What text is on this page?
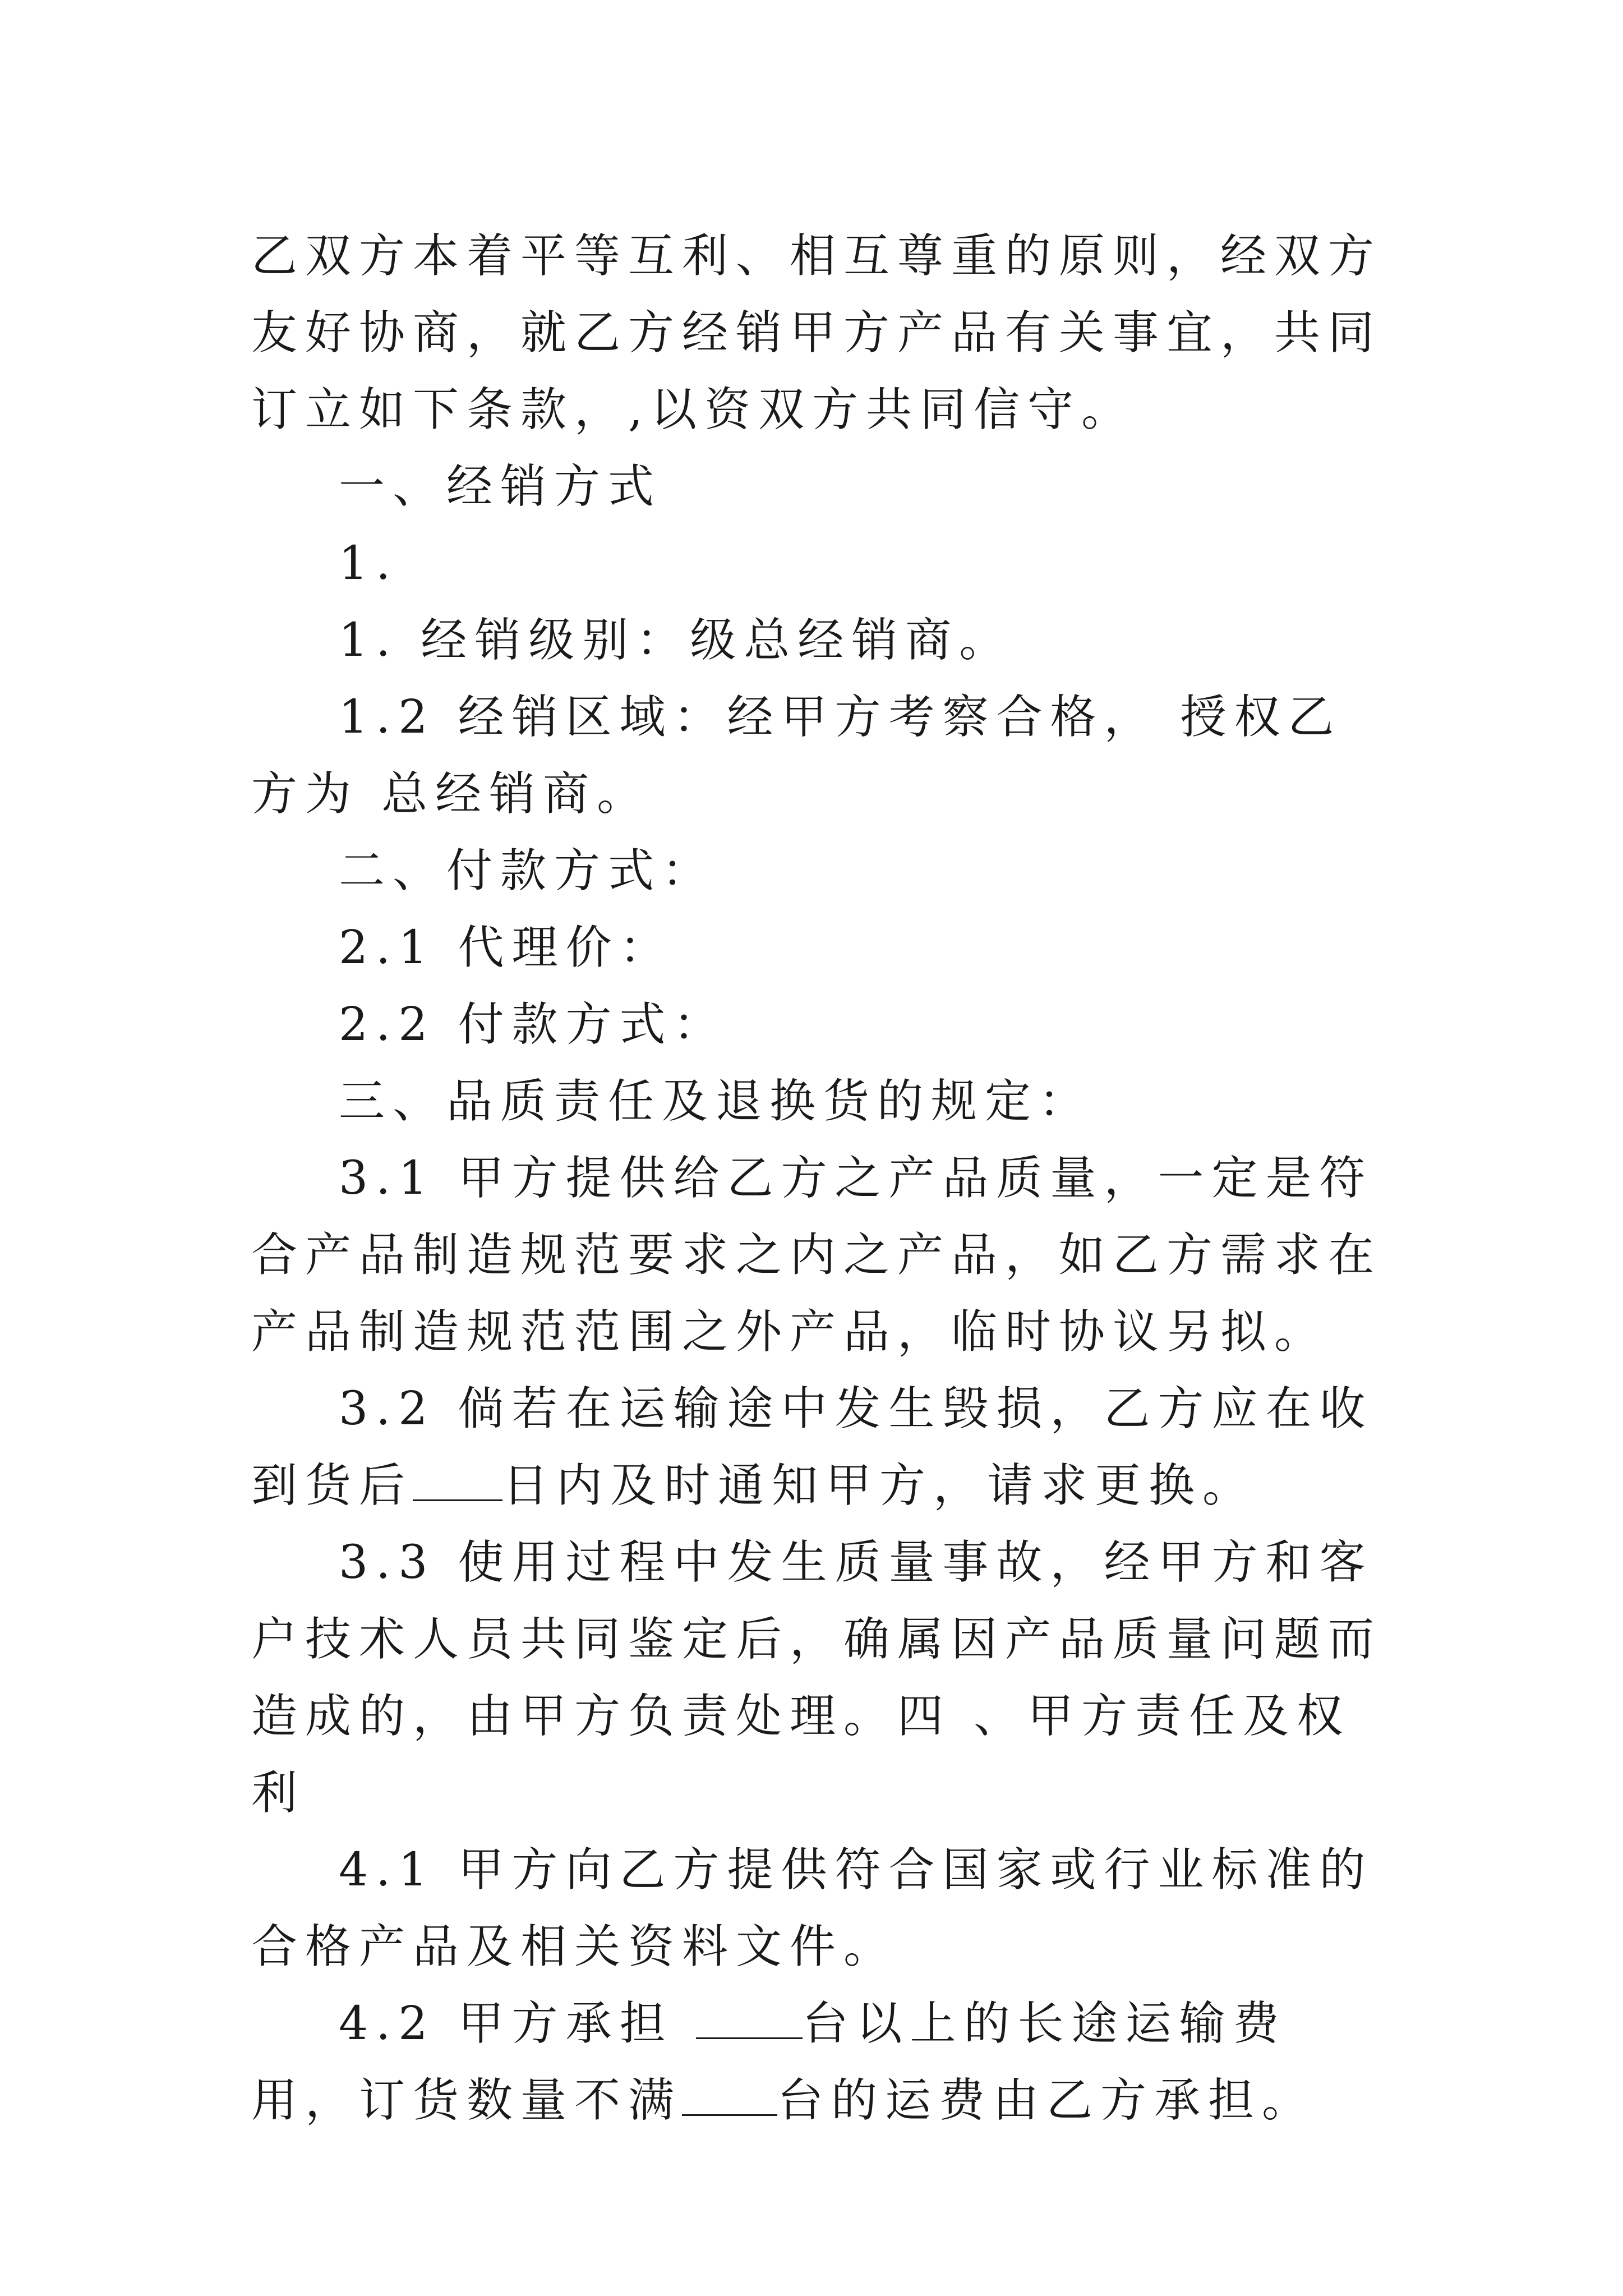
乙双方本着平等互利、相互尊重的原则，经双方友好协商，就乙方经销甲方产品有关事宜，共同订立如下条款，,以资双方共同信守。

一、经销方式

1.

1. 经销级别：级总经销商。

1.2 经销区域：经甲方考察合格， 授权乙方为 总经销商。

二、付款方式：

2.1 代理价：

2.2 付款方式：

三、品质责任及退换货的规定：

3.1 甲方提供给乙方之产品质量，一定是符合产品制造规范要求之内之产品，如乙方需求在产品制造规范范围之外产品，临时协议另拟。

3.2 倘若在运输途中发生毁损，乙方应在收到货后 日内及时通知甲方，请求更换。

3.3 使用过程中发生质量事故，经甲方和客户技术人员共同鉴定后，确属因产品质量问题而造成的，由甲方负责处理。四 、甲方责任及权利

4.1 甲方向乙方提供符合国家或行业标准的合格产品及相关资料文件。

4.2 甲方承担 台以上的长途运输费用，订货数量不满 台的运费由乙方承担。
